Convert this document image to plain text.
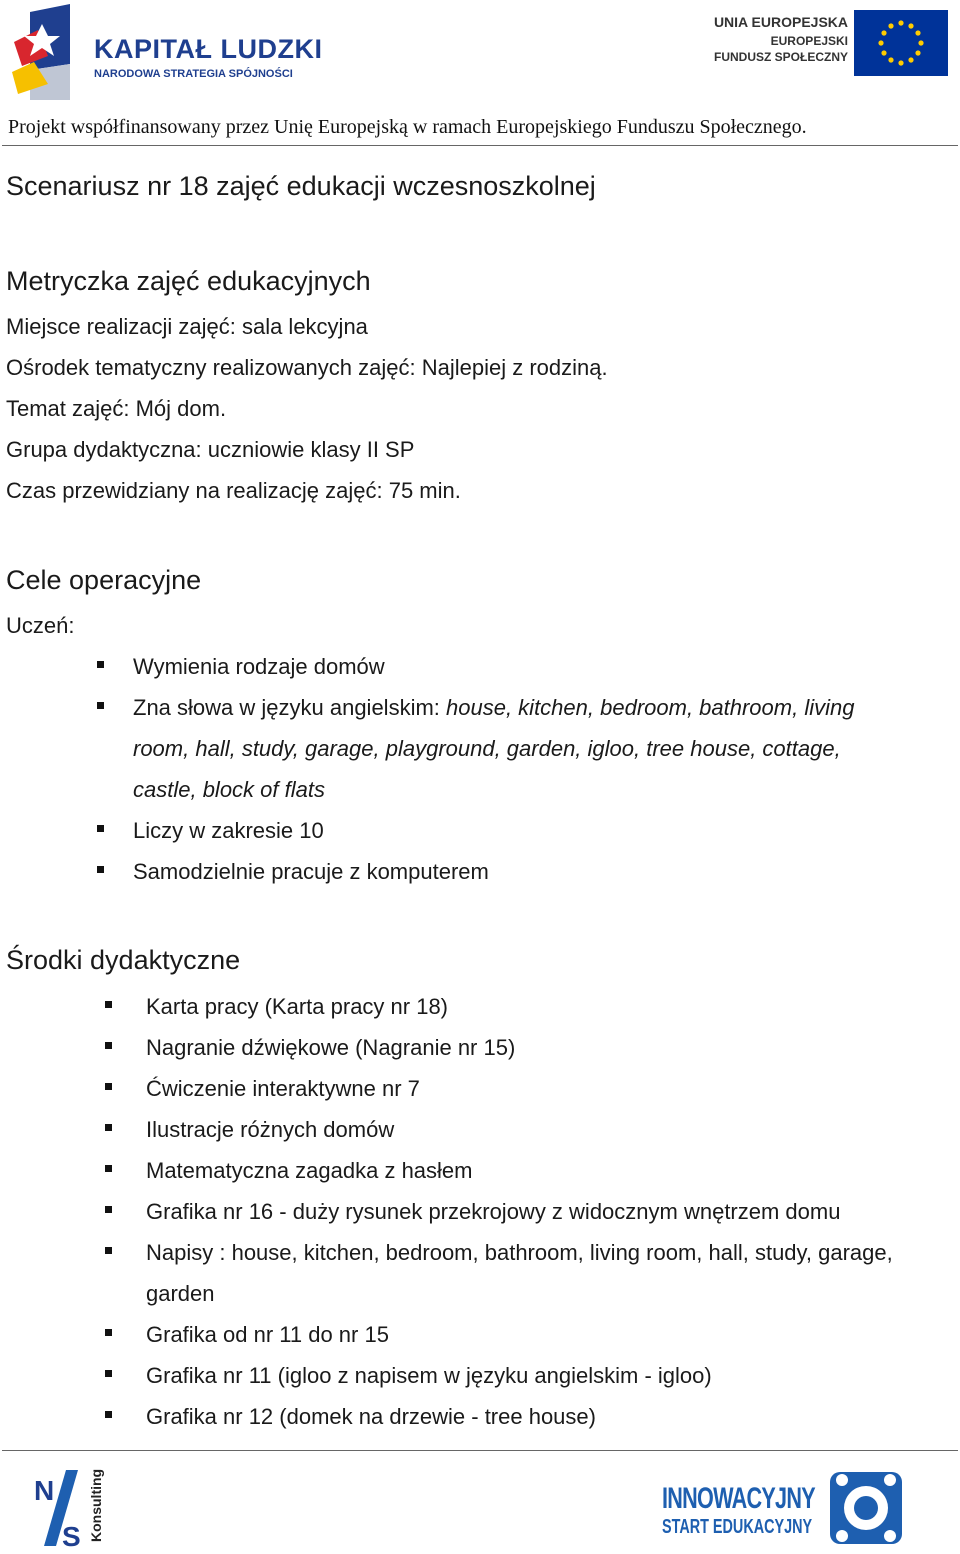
KAPITAŁ LUDZKI
NARODOWA STRATEGIA SPÓJNOŚCI
UNIA EUROPEJSKA
EUROPEJSKI
FUNDUSZ SPOŁECZNY
Projekt współfinansowany przez Unię Europejską w ramach Europejskiego Funduszu Społecznego.
Scenariusz nr 18 zajęć edukacji wczesnoszkolnej
Metryczka zajęć edukacyjnych
Miejsce realizacji zajęć: sala lekcyjna
Ośrodek tematyczny realizowanych zajęć: Najlepiej z rodziną.
Temat zajęć: Mój dom.
Grupa dydaktyczna: uczniowie klasy II SP
Czas przewidziany na realizację zajęć: 75 min.
Cele operacyjne
Uczeń:
Wymienia rodzaje domów
Zna słowa w języku angielskim: house, kitchen, bedroom, bathroom, living
room, hall, study, garage, playground, garden, igloo, tree house, cottage,
castle, block of flats
Liczy w zakresie 10
Samodzielnie pracuje z komputerem
Środki dydaktyczne
Karta pracy (Karta pracy nr 18)
Nagranie dźwiękowe (Nagranie nr 15)
Ćwiczenie interaktywne nr 7
Ilustracje różnych domów
Matematyczna zagadka z hasłem
Grafika nr 16 - duży rysunek przekrojowy z widocznym wnętrzem domu
Napisy : house, kitchen, bedroom, bathroom, living room, hall, study, garage,
garden
Grafika od nr 11 do nr 15
Grafika nr 11 (igloo z napisem w języku angielskim - igloo)
Grafika nr 12 (domek na drzewie - tree house)
N
S Konsulting	INNOWACYJNY
START EDUKACYJNY
